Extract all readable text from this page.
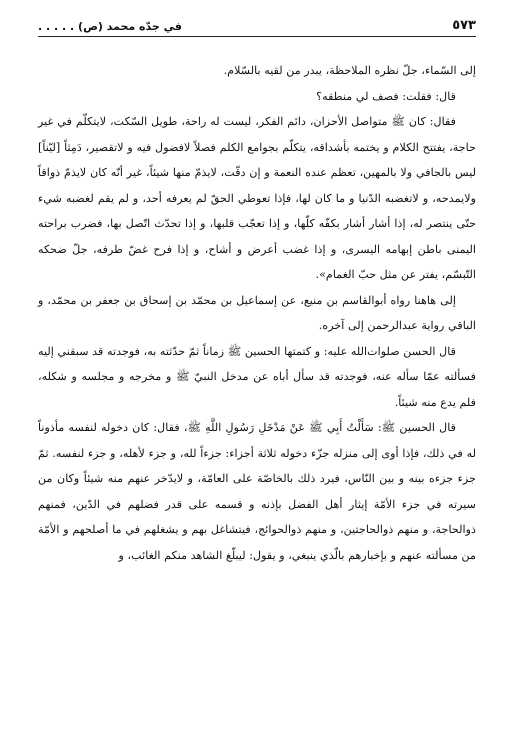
في جدّه محمد (ص) . . . . .	٥٧٣

إلى السّماء، جلّ نظره الملاحظة، يبدر من لقيه بالسّلام.

قال: فقلت: فصف لي منطقه؟

فقال: كان ﷺ متواصل الأحزان، دائم الفكر، ليست له راحة، طويل السّكت، لايتكلّم في غير حاجة، يفتتح الكلام و يختمه بأشداقه، يتكلّم بجوامع الكلم فصلاً لافضول فيه و لاتقصير، دَمِثاً [ليّناً] ليس بالجافي ولا بالمهين، تعظم عنده النعمة و إن دقّت، لايذمّ منها شيئاً، غير أنّه كان لايذمّ ذواقاً ولايمدحه، و لاتغضبه الدّنيا و ما كان لها، فإذا تعوطي الحقّ لم يعرفه أحد، و لم يقم لغضبه شيء حتّى ينتصر له، إذا أشار أشار بكفّه كلّها، و إذا تعجّب قلبها، و إذا تحدّث اتّصل بها، فضرب براحته اليمنى باطن إبهامه اليسرى، و إذا غضب أعرض و أشاح، و إذا فرح غضّ طرفه، جلّ ضحكه التّبسّم، يفتر عن مثل حبّ الغمام».

إلى هاهنا رواه أبوالقاسم بن منيع، عن إسماعيل بن محمّد بن إسحاق بن جعفر بن محمّد، و الباقي رواية عبدالرحمن إلى آخره.

قال الحسن صلوات‌الله عليه: و كتمتها الحسين ﷺ زماناً ثمّ حدّثته به، فوجدته قد سبقني إليه فسألته عمّا سأله عنه، فوجدته قد سأل أباه عن مدخل النبيّ ﷺ و مخرجه و مجلسه و شكله، فلم يدع منه شيئاً.

قال الحسين ﷺ: سَأَلْتُ أَبِي ﷺ عَنْ مَدْخَلِ رَسُولِ اللَّهِ ﷺ، فقال: كان دخوله لنفسه مأذوناً له في ذلك، فإذا أوى إلى منزله جزّء دخوله ثلاثة أجزاء: جزءاً لله، و جزء لأهله، و جزء لنفسه. ثمّ جزء جزءه بينه و بين النّاس، فيرد ذلك بالخاصّة على العامّة، و لايدّخر عنهم منه شيئاً وكان من سيرته في جزء الأمّة إيثار أهل الفضل بإذنه و قسمه على قدر فضلهم في الدّين، فمنهم ذوالحاجة، و منهم ذوالحاجتين، و منهم ذوالحوائج، فيتشاغل بهم و يشغلهم في ما أصلحهم و الأمّة من مسألته عنهم و بإخبارهم بالّذي ينبغي، و يقول: ليبلّغ الشاهد منكم الغائب، و
